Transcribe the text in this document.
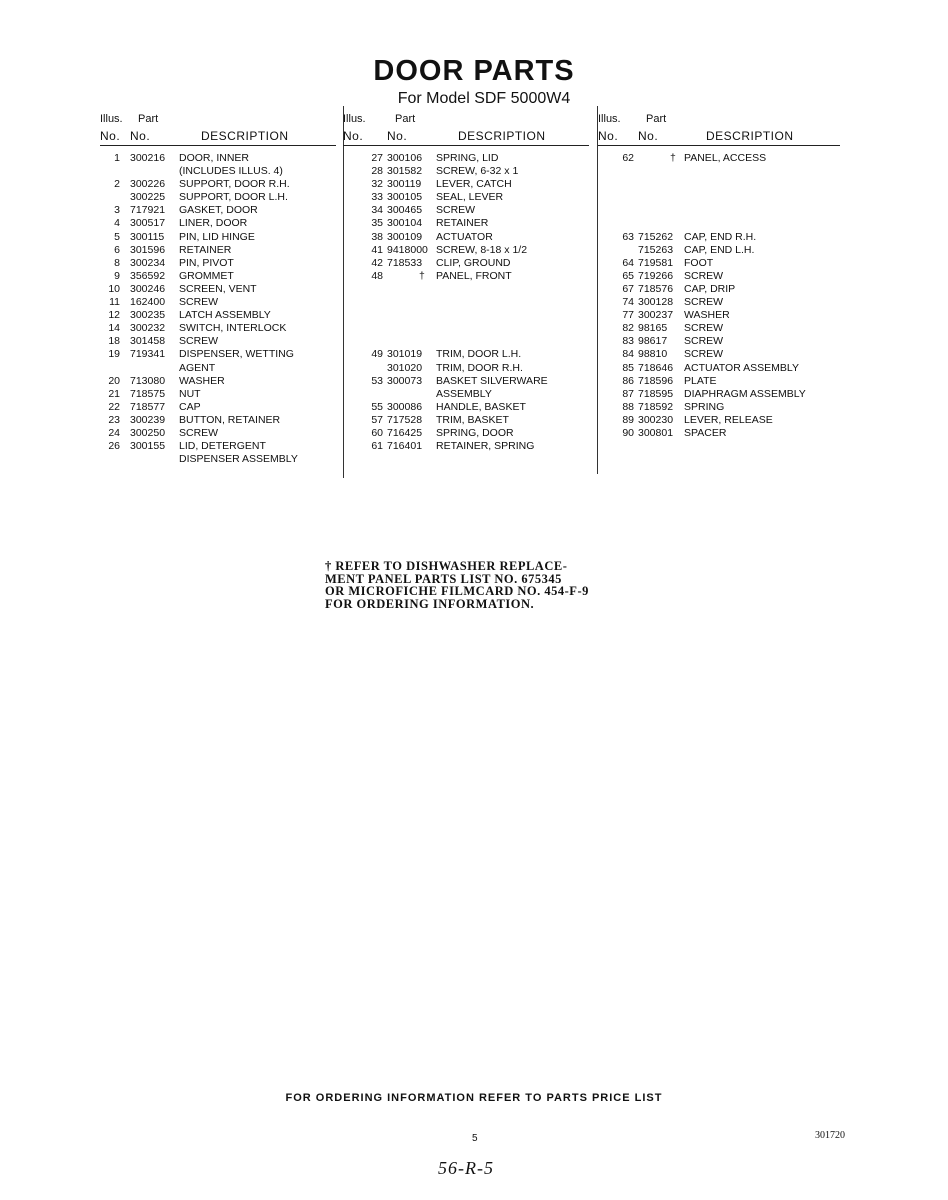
DOOR PARTS
For Model SDF 5000W4
Illus. Part
No. No.	DESCRIPTION
1 300216 DOOR, INNER
(INCLUDES ILLUS. 4)
2 300226 SUPPORT, DOOR R.H.
300225 SUPPORT, DOOR L.H.
3 717921 GASKET, DOOR
4 300517 LINER, DOOR
5 300115 PIN, LID HINGE
6 301596 RETAINER
8 300234 PIN, PIVOT
9 356592 GROMMET
10 300246 SCREEN, VENT
11 162400 SCREW
12 300235 LATCH ASSEMBLY
14 300232 SWITCH, INTERLOCK
18 301458 SCREW
19 719341 DISPENSER, WETTING
AGENT
20 713080 WASHER
21 718575 NUT
22 718577 CAP
23 300239 BUTTON, RETAINER
24 300250 SCREW
26 300155 LID, DETERGENT
DISPENSER ASSEMBLY
Illus.	Part
No. No.	DESCRIPTION
27 300106 SPRING, LID
28 301582 SCREW, 6-32 x 1
32 300119 LEVER, CATCH
33 300105 SEAL, LEVER
34 300465 SCREW
35 300104 RETAINER
38 300109 ACTUATOR
41 9418000 SCREW, 8-18 x 1/2
42 718533 CLIP, GROUND
48	† PANEL, FRONT
49 301019 TRIM, DOOR L.H.
301020 TRIM, DOOR R.H.
53 300073 BASKET SILVERWARE
ASSEMBLY
55 300086 HANDLE, BASKET
57 717528 TRIM, BASKET
60 716425 SPRING, DOOR
61 716401 RETAINER, SPRING
Illus. Part
No. No.	DESCRIPTION
62	† PANEL, ACCESS
63 715262 CAP, END R.H.
715263 CAP, END L.H.
64 719581 FOOT
65 719266 SCREW
67 718576 CAP, DRIP
74 300128 SCREW
77 300237 WASHER
82 98165 SCREW
83 98617 SCREW
84 98810 SCREW
85 718646 ACTUATOR ASSEMBLY
86 718596 PLATE
87 718595 DIAPHRAGM ASSEMBLY
88 718592 SPRING
89 300230 LEVER, RELEASE
90 300801 SPACER
† REFER TO DISHWASHER REPLACE-
MENT PANEL PARTS LIST NO. 675345
OR MICROFICHE FILMCARD NO. 454-F-9
FOR ORDERING INFORMATION.
FOR ORDERING INFORMATION REFER TO PARTS PRICE LIST
5	301720
56-R-5
